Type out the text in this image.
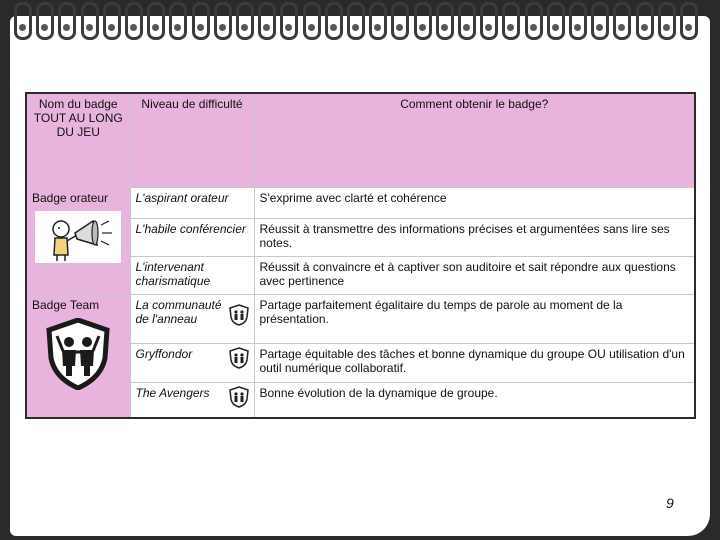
Nom du badge TOUT AU LONG DU JEU	Niveau de difficulté	Comment obtenir le badge?

Badge orateur	L'aspirant orateur	S'exprime avec clarté et cohérence
	L'habile conférencier	Réussit à transmettre des informations précises et argumentées sans lire ses notes.
	L'intervenant charismatique	Réussit à convaincre et à captiver son auditoire et sait répondre aux questions avec pertinence

Badge Team	La communauté de l'anneau	Partage parfaitement égalitaire du temps de parole au moment de la présentation.

	Gryffondor	Partage équitable des tâches et bonne dynamique du groupe OU utilisation d'un outil numérique collaboratif.

	The Avengers	Bonne évolution de la dynamique de groupe.
9
